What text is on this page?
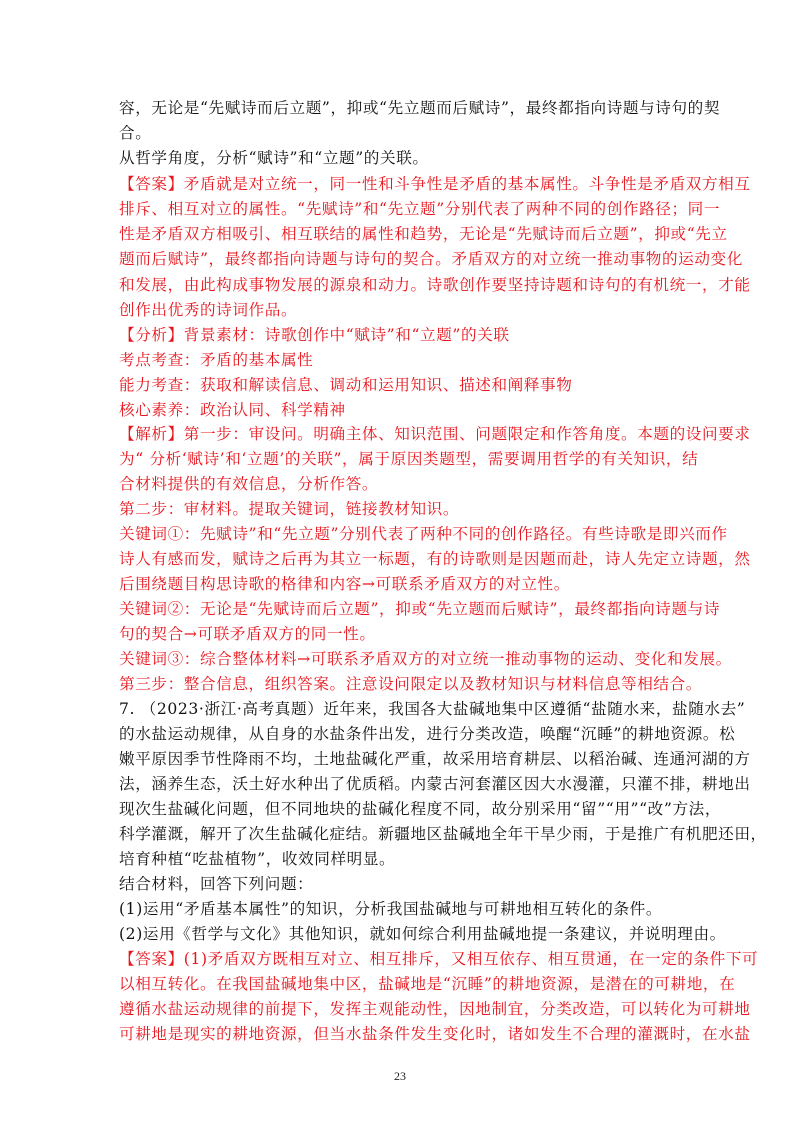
容，无论是“先赋诗而后立题”，抑或“先立题而后赋诗”，最终都指向诗题与诗句的契
合。
从哲学角度，分析“赋诗”和“立题”的关联。
【答案】矛盾就是对立统一，同一性和斗争性是矛盾的基本属性。斗争性是矛盾双方相互
排斥、相互对立的属性。“先赋诗”和“先立题”分别代表了两种不同的创作路径；同一
性是矛盾双方相吸引、相互联结的属性和趋势，无论是“先赋诗而后立题”，抑或“先立
题而后赋诗”，最终都指向诗题与诗句的契合。矛盾双方的对立统一推动事物的运动变化
和发展，由此构成事物发展的源泉和动力。诗歌创作要坚持诗题和诗句的有机统一，才能
创作出优秀的诗词作品。
【分析】背景素材：诗歌创作中“赋诗”和“立题”的关联
考点考查：矛盾的基本属性
能力考查：获取和解读信息、调动和运用知识、描述和阐释事物
核心素养：政治认同、科学精神
【解析】第一步：审设问。明确主体、知识范围、问题限定和作答角度。本题的设问要求
为“ 分析‘赋诗’和‘立题’的关联”，属于原因类题型，需要调用哲学的有关知识，结
合材料提供的有效信息，分析作答。
第二步：审材料。提取关键词，链接教材知识。
关键词①：先赋诗”和“先立题”分别代表了两种不同的创作路径。有些诗歌是即兴而作
诗人有感而发，赋诗之后再为其立一标题，有的诗歌则是因题而赴，诗人先定立诗题，然
后围绕题目构思诗歌的格律和内容→可联系矛盾双方的对立性。
关键词②：无论是“先赋诗而后立题”，抑或“先立题而后赋诗”，最终都指向诗题与诗
句的契合→可联矛盾双方的同一性。
关键词③：综合整体材料→可联系矛盾双方的对立统一推动事物的运动、变化和发展。
第三步：整合信息，组织答案。注意设问限定以及教材知识与材料信息等相结合。
7. （2023·浙江·高考真题）近年来，我国各大盐碱地集中区遵循“盐随水来，盐随水去”
的水盐运动规律，从自身的水盐条件出发，进行分类改造，唤醒“沉睡”的耕地资源。松
嫩平原因季节性降雨不均，土地盐碱化严重，故采用培育耕层、以稻治碱、连通河湖的方
法，涵养生态，沃土好水种出了优质稻。内蒙古河套灌区因大水漫灌，只灌不排，耕地出
现次生盐碱化问题，但不同地块的盐碱化程度不同，故分别采用“留”“用”“改”方法，
科学灌溉，解开了次生盐碱化症结。新疆地区盐碱地全年干旱少雨，于是推广有机肥还田，
培育种植“吃盐植物”，收效同样明显。
结合材料，回答下列问题：
(1)运用“矛盾基本属性”的知识，分析我国盐碱地与可耕地相互转化的条件。
(2)运用《哲学与文化》其他知识，就如何综合利用盐碱地提一条建议，并说明理由。
【答案】(1)矛盾双方既相互对立、相互排斥，又相互依存、相互贯通，在一定的条件下可
以相互转化。在我国盐碱地集中区，盐碱地是“沉睡”的耕地资源，是潜在的可耕地，在
遵循水盐运动规律的前提下，发挥主观能动性，因地制宜，分类改造，可以转化为可耕地
可耕地是现实的耕地资源，但当水盐条件发生变化时，诸如发生不合理的灌溉时，在水盐
23
